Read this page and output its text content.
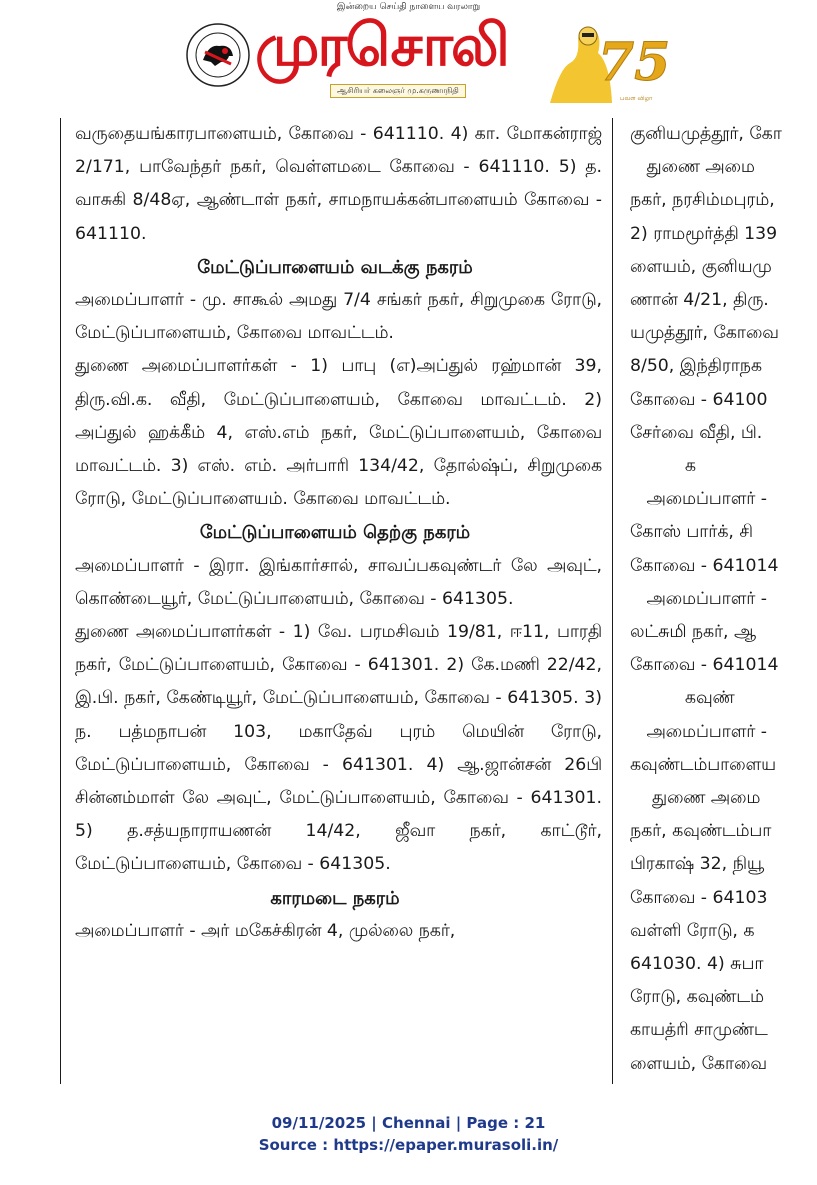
இன்றைய செய்தி நாளைய வரலாறு
முரசொலி
ஆசிரியர் கலைஞர் மு.கருணாநிதி	75
பவள விழா

வருதையங்காரபாளையம், கோவை - 641110. 4) கா. மோகன்ராஜ் 2/171, பாவேந்தர் நகர், வெள்ளமடை கோவை - 641110. 5) த. வாசுகி 8/48ஏ, ஆண்டாள் நகர், சாமநாயக்கன்பாளையம் கோவை - 641110.

மேட்டுப்பாளையம் வடக்கு நகரம்

அமைப்பாளர் - மு. சாகூல் அமது 7/4 சங்கர் நகர், சிறுமுகை ரோடு, மேட்டுப்பாளையம், கோவை மாவட்டம்.

துணை அமைப்பாளர்கள் - 1) பாபு (எ)அப்துல் ரஹ்மான் 39, திரு.வி.க. வீதி, மேட்டுப்பாளையம், கோவை மாவட்டம். 2) அப்துல் ஹக்கீம் 4, எஸ்.எம் நகர், மேட்டுப்பாளையம், கோவை மாவட்டம். 3) எஸ். எம். அர்பாரி 134/42, தோல்ஷ்ப், சிறுமுகை ரோடு, மேட்டுப்பாளையம். கோவை மாவட்டம்.

மேட்டுப்பாளையம் தெற்கு நகரம்

அமைப்பாளர் - இரா. இங்கார்சால், சாவப்பகவுண்டர் லே அவுட், கொண்டையூர், மேட்டுப்பாளையம், கோவை - 641305.

துணை அமைப்பாளர்கள் - 1) வே. பரமசிவம் 19/81, ஈ11, பாரதி நகர், மேட்டுப்பாளையம், கோவை - 641301. 2) கே.மணி 22/42, இ.பி. நகர், கேண்டியூர், மேட்டுப்பாளையம், கோவை - 641305. 3) ந. பத்மநாபன் 103, மகாதேவ் புரம் மெயின் ரோடு, மேட்டுப்பாளையம், கோவை - 641301. 4) ஆ.ஜான்சன் 26பி சின்னம்மாள் லே அவுட், மேட்டுப்பாளையம், கோவை - 641301. 5) த.சத்யநாராயணன் 14/42, ஜீவா நகர், காட்டூர், மேட்டுப்பாளையம், கோவை - 641305.

காரமடை நகரம்

அமைப்பாளர் - அர் மகேச்கிரன் 4, முல்லை நகர்,

குனியமுத்தூர், கோ

துணை அமை

நகர், நரசிம்மபுரம்,

2) ராமமூர்த்தி 139

ளையம், குனியமு

ணான் 4/21, திரு.

யமுத்தூர், கோவை

8/50, இந்திராநக

கோவை - 64100

சேர்வை வீதி, பி.

க

அமைப்பாளர் -

கோஸ் பார்க், சி

கோவை - 641014

அமைப்பாளர் -

லட்சுமி நகர், ஆ

கோவை - 641014

கவுண்

அமைப்பாளர் -

கவுண்டம்பாளைய

துணை அமை

நகர், கவுண்டம்பா

பிரகாஷ் 32, நியூ

கோவை - 64103

வள்ளி ரோடு, க

641030. 4) சுபா

ரோடு, கவுண்டம்

காயத்ரி சாமுண்ட

ளையம், கோவை

09/11/2025 | Chennai | Page : 21
Source : https://epaper.murasoli.in/
